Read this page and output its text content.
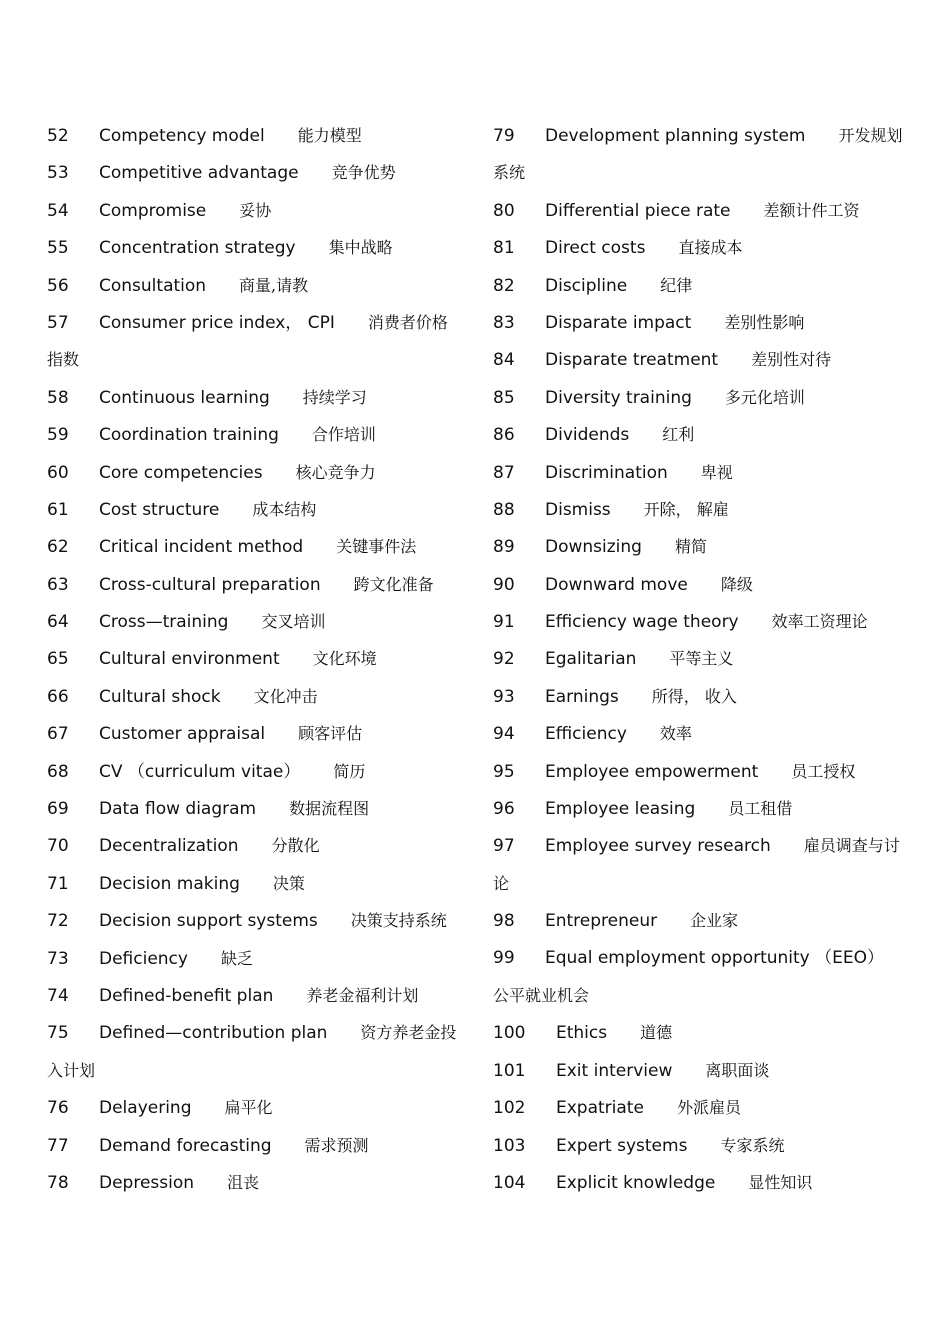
52 Competency model 能力模型
53 Competitive advantage 竞争优势
54 Compromise 妥协
55 Concentration strategy 集中战略
56 Consultation 商量,请教
57 Consumer price index， CPI 消费者价格
指数
58 Continuous learning 持续学习
59 Coordination training 合作培训
60 Core competencies 核心竞争力
61 Cost structure 成本结构
62 Critical incident method 关键事件法
63 Cross-cultural preparation 跨文化准备
64 Cross—training 交叉培训
65 Cultural environment 文化环境
66 Cultural shock 文化冲击
67 Customer appraisal 顾客评估
68 CV （curriculum vitae） 简历
69 Data flow diagram 数据流程图
70 Decentralization 分散化
71 Decision making 决策
72 Decision support systems 决策支持系统
73 Deficiency 缺乏
74 Defined-benefit plan 养老金福利计划
75 Defined—contribution plan 资方养老金投
入计划
76 Delayering 扁平化
77 Demand forecasting 需求预测
78 Depression 沮丧
79 Development planning system 开发规划
系统
80 Differential piece rate 差额计件工资
81 Direct costs 直接成本
82 Discipline 纪律
83 Disparate impact 差别性影响
84 Disparate treatment 差别性对待
85 Diversity training 多元化培训
86 Dividends 红利
87 Discrimination 卑视
88 Dismiss 开除， 解雇
89 Downsizing 精简
90 Downward move 降级
91 Efficiency wage theory 效率工资理论
92 Egalitarian 平等主义
93 Earnings 所得， 收入
94 Efficiency 效率
95 Employee empowerment 员工授权
96 Employee leasing 员工租借
97 Employee survey research 雇员调查与讨
论
98 Entrepreneur 企业家
99 Equal employment opportunity （EEO）
公平就业机会
100 Ethics 道德
101 Exit interview 离职面谈
102 Expatriate 外派雇员
103 Expert systems 专家系统
104 Explicit knowledge 显性知识
